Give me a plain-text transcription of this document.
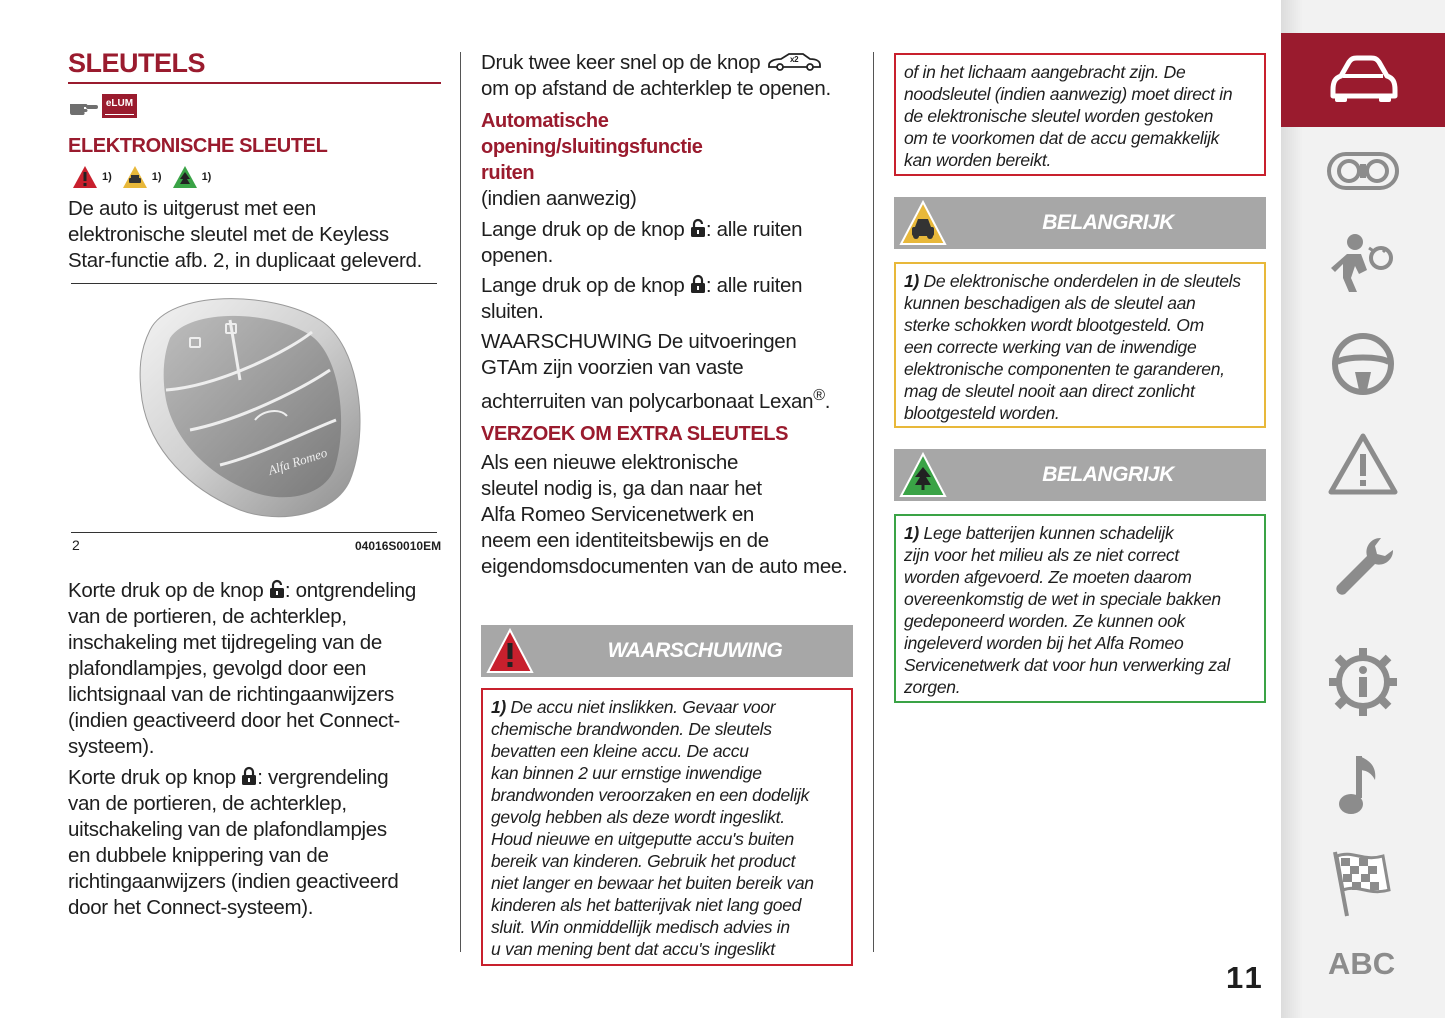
SLEUTELS
eLUM
ELEKTRONISCHE SLEUTEL
1)	1)	1)
De auto is uitgerust met een
elektronische sleutel met de Keyless
Star-functie afb. 2, in duplicaat geleverd.
Alfa Romeo
2	04016S0010EM
Korte druk op de knop : ontgrendeling
van de portieren, de achterklep,
inschakeling met tijdregeling van de
plafondlampjes, gevolgd door een
lichtsignaal van de richtingaanwijzers
(indien geactiveerd door het Connect-
systeem).
Korte druk op knop : vergrendeling
van de portieren, de achterklep,
uitschakeling van de plafondlampjes
en dubbele knippering van de
richtingaanwijzers (indien geactiveerd
door het Connect-systeem).
Druk twee keer snel op de knop	x2
om op afstand de achterklep te openen.
Automatische
opening/sluitingsfunctie
ruiten
(indien aanwezig)
Lange druk op de knop : alle ruiten
openen.
Lange druk op de knop : alle ruiten
sluiten.
WAARSCHUWING De uitvoeringen
GTAm zijn voorzien van vaste
achterruiten van polycarbonaat Lexan®.
VERZOEK OM EXTRA SLEUTELS
Als een nieuwe elektronische
sleutel nodig is, ga dan naar het
Alfa Romeo Servicenetwerk en
neem een identiteitsbewijs en de
eigendomsdocumenten van de auto mee.
WAARSCHUWING
1) De accu niet inslikken. Gevaar voor
chemische brandwonden. De sleutels
bevatten een kleine accu. De accu
kan binnen 2 uur ernstige inwendige
brandwonden veroorzaken en een dodelijk
gevolg hebben als deze wordt ingeslikt.
Houd nieuwe en uitgeputte accu's buiten
bereik van kinderen. Gebruik het product
niet langer en bewaar het buiten bereik van
kinderen als het batterijvak niet lang goed
sluit. Win onmiddellijk medisch advies in
u van mening bent dat accu's ingeslikt
of in het lichaam aangebracht zijn. De
noodsleutel (indien aanwezig) moet direct in
de elektronische sleutel worden gestoken
om te voorkomen dat de accu gemakkelijk
kan worden bereikt.
BELANGRIJK
1) De elektronische onderdelen in de sleutels
kunnen beschadigen als de sleutel aan
sterke schokken wordt blootgesteld. Om
een correcte werking van de inwendige
elektronische componenten te garanderen,
mag de sleutel nooit aan direct zonlicht
blootgesteld worden.
BELANGRIJK
1) Lege batterijen kunnen schadelijk
zijn voor het milieu als ze niet correct
worden afgevoerd. Ze moeten daarom
overeenkomstig de wet in speciale bakken
gedeponeerd worden. Ze kunnen ook
ingeleverd worden bij het Alfa Romeo
Servicenetwerk dat voor hun verwerking zal
zorgen.
11 ABC
